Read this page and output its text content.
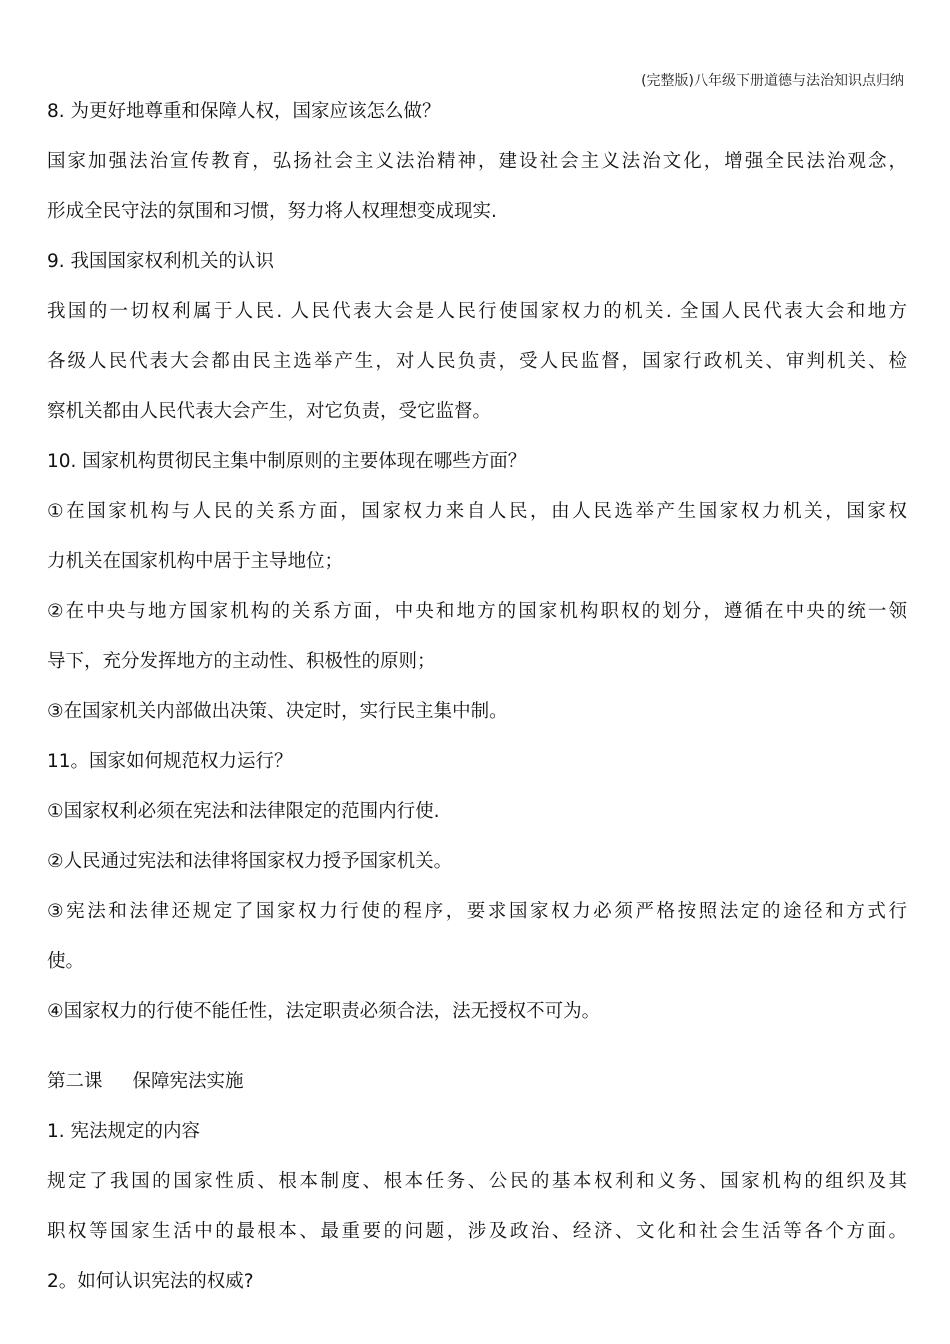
(完整版)八年级下册道德与法治知识点归纳
8. 为更好地尊重和保障人权，国家应该怎么做？
国家加强法治宣传教育，弘扬社会主义法治精神，建设社会主义法治文化，增强全民法治观念，
形成全民守法的氛围和习惯，努力将人权理想变成现实.
9. 我国国家权利机关的认识
我国的一切权利属于人民. 人民代表大会是人民行使国家权力的机关. 全国人民代表大会和地方
各级人民代表大会都由民主选举产生，对人民负责，受人民监督，国家行政机关、审判机关、检
察机关都由人民代表大会产生，对它负责，受它监督。
10. 国家机构贯彻民主集中制原则的主要体现在哪些方面？
①在国家机构与人民的关系方面，国家权力来自人民，由人民选举产生国家权力机关，国家权
力机关在国家机构中居于主导地位；
②在中央与地方国家机构的关系方面，中央和地方的国家机构职权的划分，遵循在中央的统一领
导下，充分发挥地方的主动性、积极性的原则；
③在国家机关内部做出决策、决定时，实行民主集中制。
11。国家如何规范权力运行？
①国家权利必须在宪法和法律限定的范围内行使.
②人民通过宪法和法律将国家权力授予国家机关。
③宪法和法律还规定了国家权力行使的程序，要求国家权力必须严格按照法定的途径和方式行
使。
④国家权力的行使不能任性，法定职责必须合法，法无授权不可为。
第二课 保障宪法实施
1. 宪法规定的内容
规定了我国的国家性质、根本制度、根本任务、公民的基本权利和义务、国家机构的组织及其
职权等国家生活中的最根本、最重要的问题，涉及政治、经济、文化和社会生活等各个方面。
2。如何认识宪法的权威?
